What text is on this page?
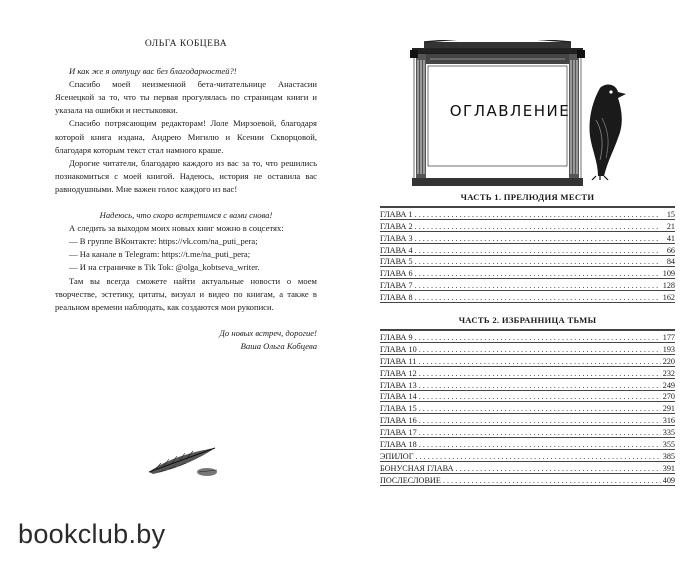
ОЛЬГА КОБЦЕВА

И как же я отпущу вас без благодарностей?!

Спасибо моей неизменной бета-читательнице Анастасии Ясенецкой за то, что ты первая прогулялась по страницам книги и указала на ошибки и нестыковки.

Спасибо потрясающим редакторам! Лоле Мирзоевой, благодаря которой книга издана, Андрею Мигилю и Ксении Скворцовой, благодаря которым текст стал намного краше.

Дорогие читатели, благодарю каждого из вас за то, что решились познакомиться с моей книгой. Надеюсь, история не оставила вас равнодушными. Мне важен голос каждого из вас!

Надеюсь, что скоро встретимся с вами снова!

А следить за выходом моих новых книг можно в соцсетях:

— В группе ВКонтакте: https://vk.com/na_puti_pera;

— На канале в Telegram: https://t.me/na_puti_pera;

— И на страничке в Tik Tok: @olga_kobtseva_writer.

Там вы всегда сможете найти актуальные новости о моем творчестве, эстетику, цитаты, визуал и видео по книгам, а также в реальном времени наблюдать, как создаются мои рукописи.

До новых встреч, дорогие!

Ваша Ольга Кобцева

ОГЛАВЛЕНИЕ

ЧАСТЬ 1. ПРЕЛЮДИЯ МЕСТИ

ГЛАВА 1 . . .	15
ГЛАВА 2 . . .	21
ГЛАВА 3 . . .	41
ГЛАВА 4 . . .	66
ГЛАВА 5 . . .	84
ГЛАВА 6 . . .	109
ГЛАВА 7 . . .	128
ГЛАВА 8 . . .	162

ЧАСТЬ 2. ИЗБРАННИЦА ТЬМЫ

ГЛАВА 9 . . .	177
ГЛАВА 10 . . .	193
ГЛАВА 11 . . .	220
ГЛАВА 12 . . .	232
ГЛАВА 13 . . .	249
ГЛАВА 14 . . .	270
ГЛАВА 15 . . .	291
ГЛАВА 16 . . .	316
ГЛАВА 17 . . .	335
ГЛАВА 18 . . .	355
ЭПИЛОГ . . .	385
БОНУСНАЯ ГЛАВА . . .	391
ПОСЛЕСЛОВИЕ . . .	409
bookclub.by
